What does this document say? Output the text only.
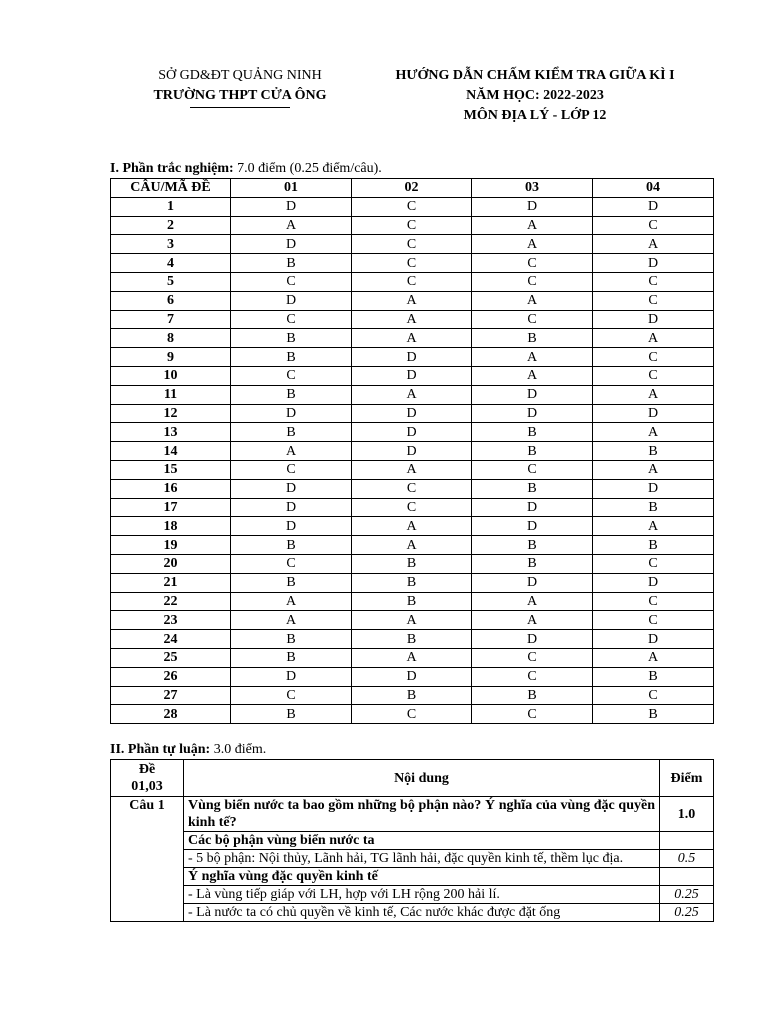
SỞ GD&ĐT QUẢNG NINH
TRƯỜNG THPT CỬA ÔNG
HƯỚNG DẪN CHẤM KIỂM TRA GIỮA KÌ I
NĂM HỌC: 2022-2023
MÔN ĐỊA LÝ - LỚP 12
I. Phần trắc nghiệm: 7.0 điểm (0.25 điểm/câu).
CÂU/MÃ ĐỀ	01	02	03	04
1	D	C	D	D
2	A	C	A	C
3	D	C	A	A
4	B	C	C	D
5	C	C	C	C
6	D	A	A	C
7	C	A	C	D
8	B	A	B	A
9	B	D	A	C
10	C	D	A	C
11	B	A	D	A
12	D	D	D	D
13	B	D	B	A
14	A	D	B	B
15	C	A	C	A
16	D	C	B	D
17	D	C	D	B
18	D	A	D	A
19	B	A	B	B
20	C	B	B	C
21	B	B	D	D
22	A	B	A	C
23	A	A	A	C
24	B	B	D	D
25	B	A	C	A
26	D	D	C	B
27	C	B	B	C
28	B	C	C	B
II. Phần tự luận: 3.0 điểm.
Đề
01,03	Nội dung	Điểm
Câu 1	Vùng biển nước ta bao gồm những bộ phận nào? Ý nghĩa của vùng đặc quyền kinh tế?	1.0
	Các bộ phận vùng biển nước ta	
	- 5 bộ phận: Nội thủy, Lãnh hải, TG lãnh hải, đặc quyền kinh tế, thềm lục địa.	0.5
	Ý nghĩa vùng đặc quyền kinh tế	
	- Là vùng tiếp giáp với LH, hợp với LH rộng 200 hải lí.	0.25
	- Là nước ta có chủ quyền về kinh tế, Các nước khác được đặt ống	0.25
